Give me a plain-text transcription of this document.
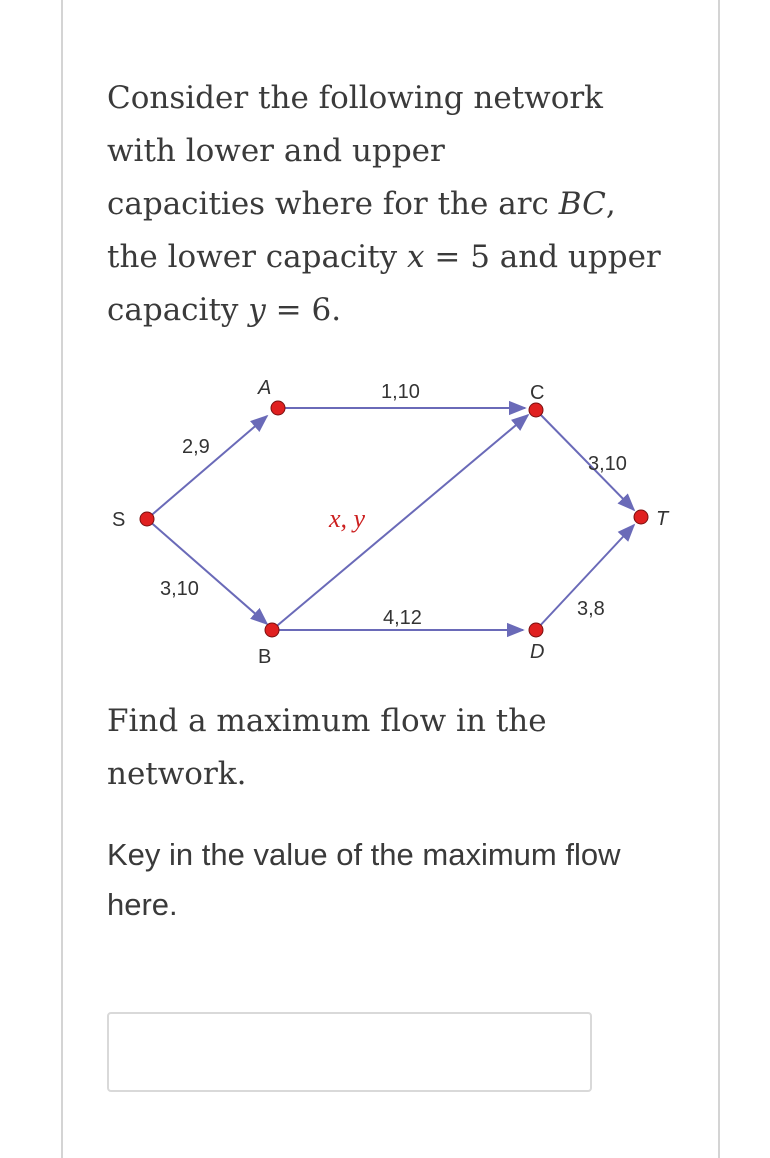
Consider the following network

with lower and upper

capacities where for the arc BC,

the lower capacity x = 5 and upper

capacity y = 6.

S
A
B
C
D
T
2,9
3,10
1,10
x, y
4,12
3,10
3,8
Find a maximum flow in the
network.
Key in the value of the maximum flow
here.
